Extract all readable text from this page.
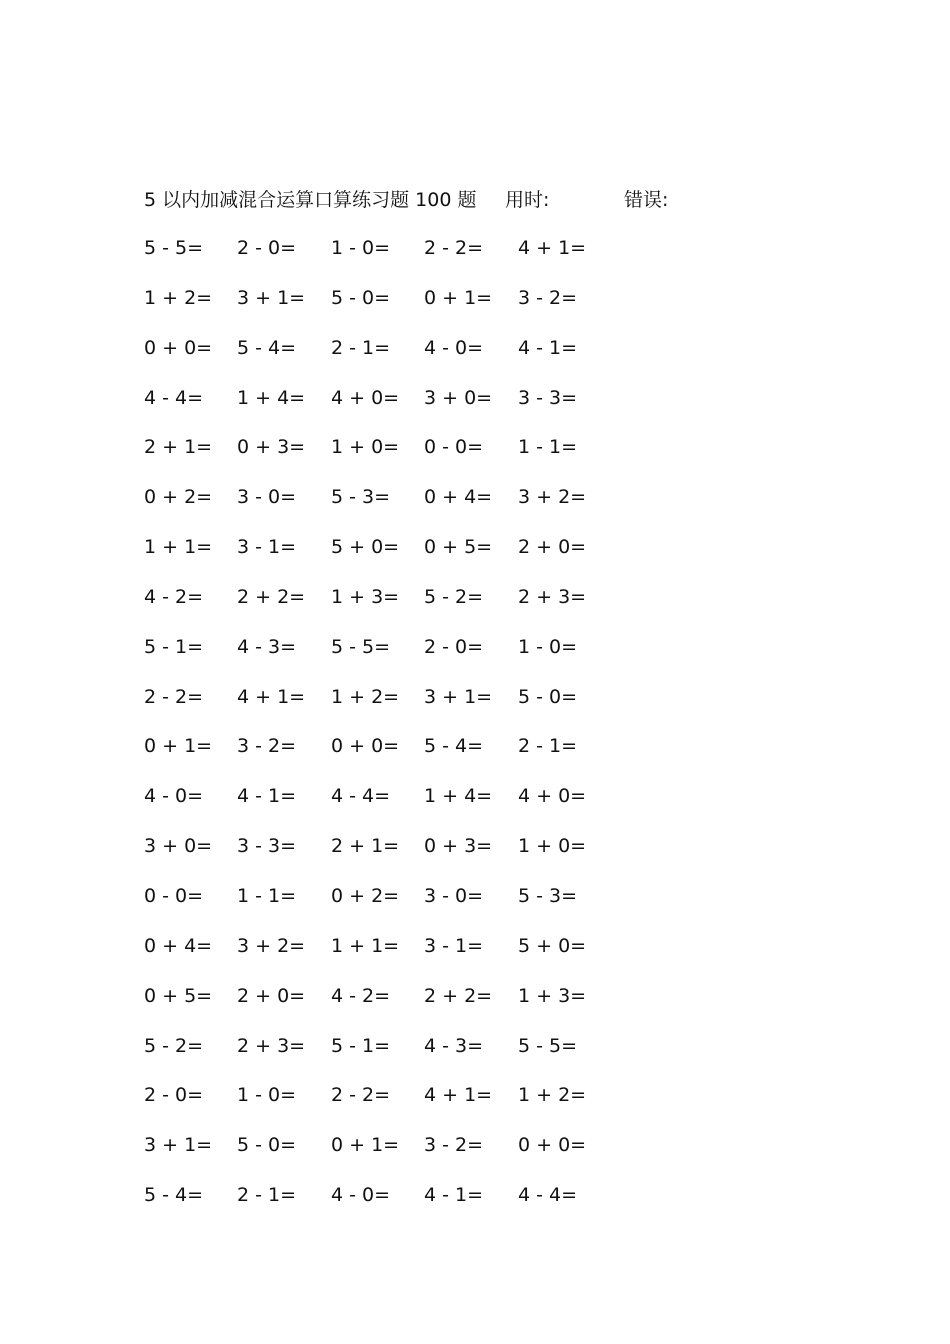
5 以内加减混合运算口算练习题 100 题 用时:	错误:
5 - 5= 2 - 0= 1 - 0= 2 - 2= 4 + 1=
1 + 2= 3 + 1= 5 - 0= 0 + 1= 3 - 2=
0 + 0= 5 - 4= 2 - 1= 4 - 0= 4 - 1=
4 - 4= 1 + 4= 4 + 0= 3 + 0= 3 - 3=
2 + 1= 0 + 3= 1 + 0= 0 - 0= 1 - 1=
0 + 2= 3 - 0= 5 - 3= 0 + 4= 3 + 2=
1 + 1= 3 - 1= 5 + 0= 0 + 5= 2 + 0=
4 - 2= 2 + 2= 1 + 3= 5 - 2= 2 + 3=
5 - 1= 4 - 3= 5 - 5= 2 - 0= 1 - 0=
2 - 2= 4 + 1= 1 + 2= 3 + 1= 5 - 0=
0 + 1= 3 - 2= 0 + 0= 5 - 4= 2 - 1=
4 - 0= 4 - 1= 4 - 4= 1 + 4= 4 + 0=
3 + 0= 3 - 3= 2 + 1= 0 + 3= 1 + 0=
0 - 0= 1 - 1= 0 + 2= 3 - 0= 5 - 3=
0 + 4= 3 + 2= 1 + 1= 3 - 1= 5 + 0=
0 + 5= 2 + 0= 4 - 2= 2 + 2= 1 + 3=
5 - 2= 2 + 3= 5 - 1= 4 - 3= 5 - 5=
2 - 0= 1 - 0= 2 - 2= 4 + 1= 1 + 2=
3 + 1= 5 - 0= 0 + 1= 3 - 2= 0 + 0=
5 - 4= 2 - 1= 4 - 0= 4 - 1= 4 - 4=
